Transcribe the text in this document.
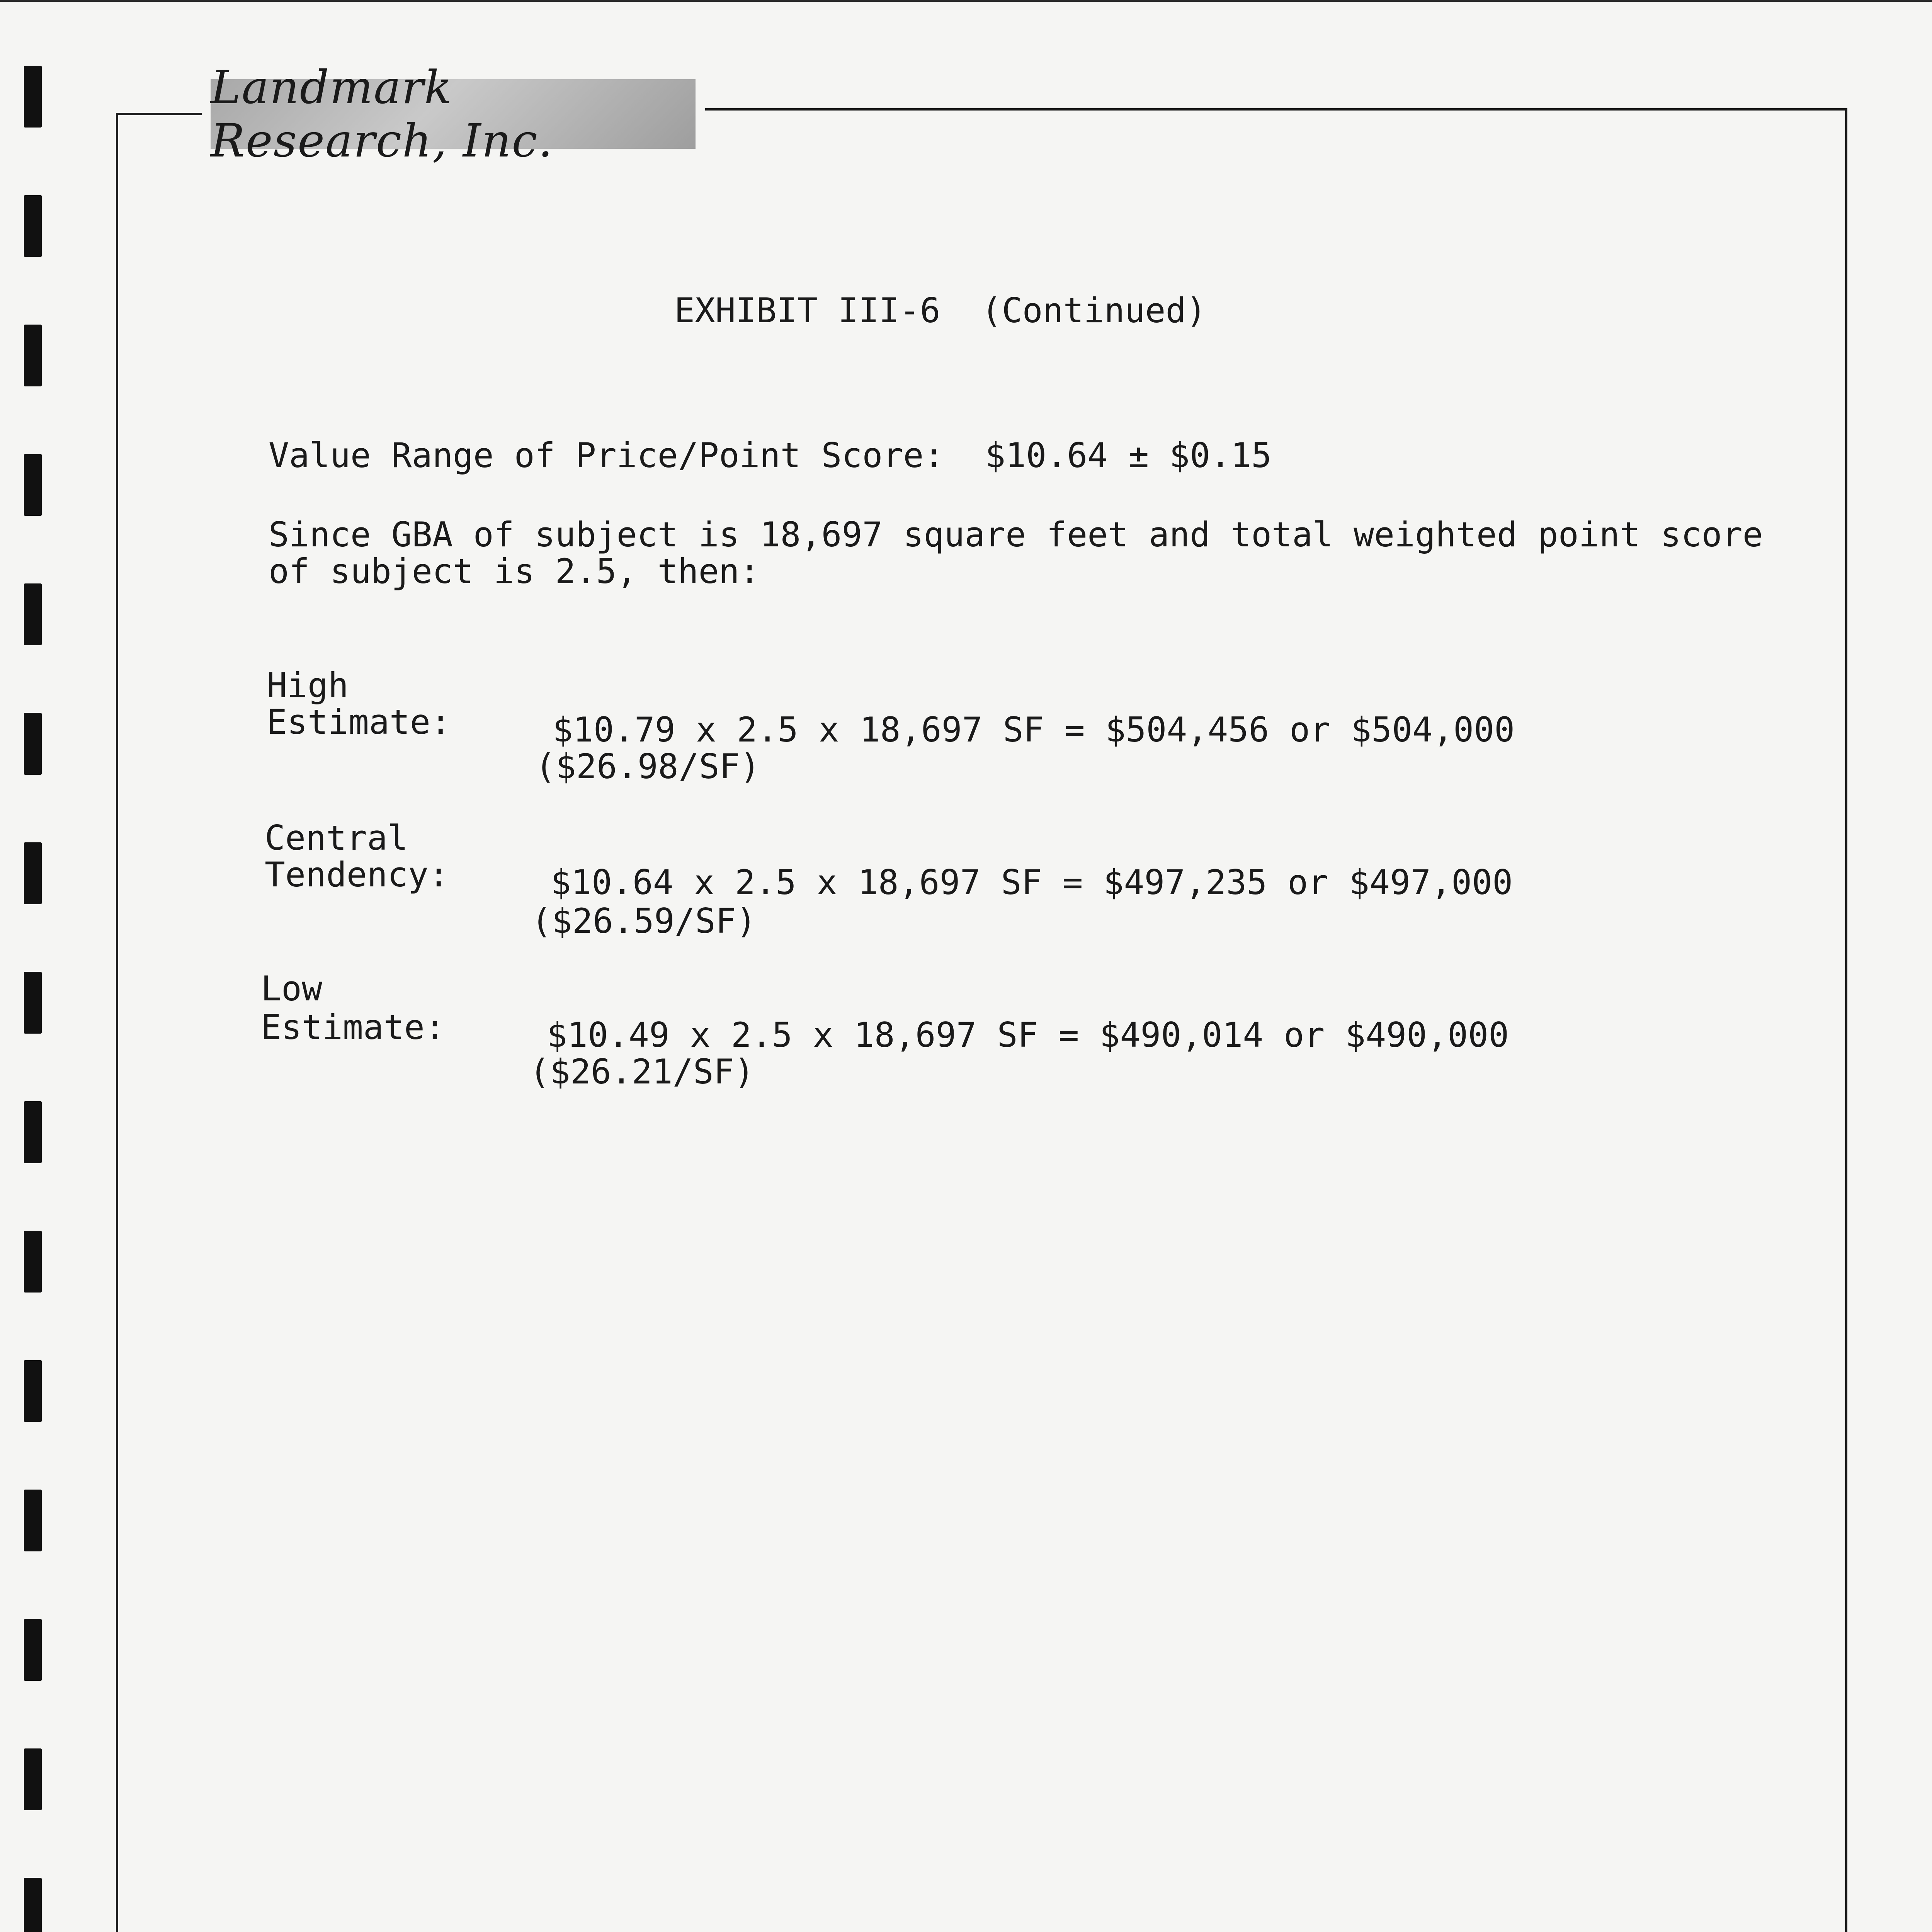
Landmark Research, Inc.
EXHIBIT III-6  (Continued)
Value Range of Price/Point Score:  $10.64 ± $0.15
Since GBA of subject is 18,697 square feet and total weighted point score
of subject is 2.5, then:
High
Estimate:	$10.79 x 2.5 x 18,697 SF = $504,456 or $504,000
($26.98/SF)
Central
Tendency:	$10.64 x 2.5 x 18,697 SF = $497,235 or $497,000
($26.59/SF)
Low
Estimate:	$10.49 x 2.5 x 18,697 SF = $490,014 or $490,000
($26.21/SF)
